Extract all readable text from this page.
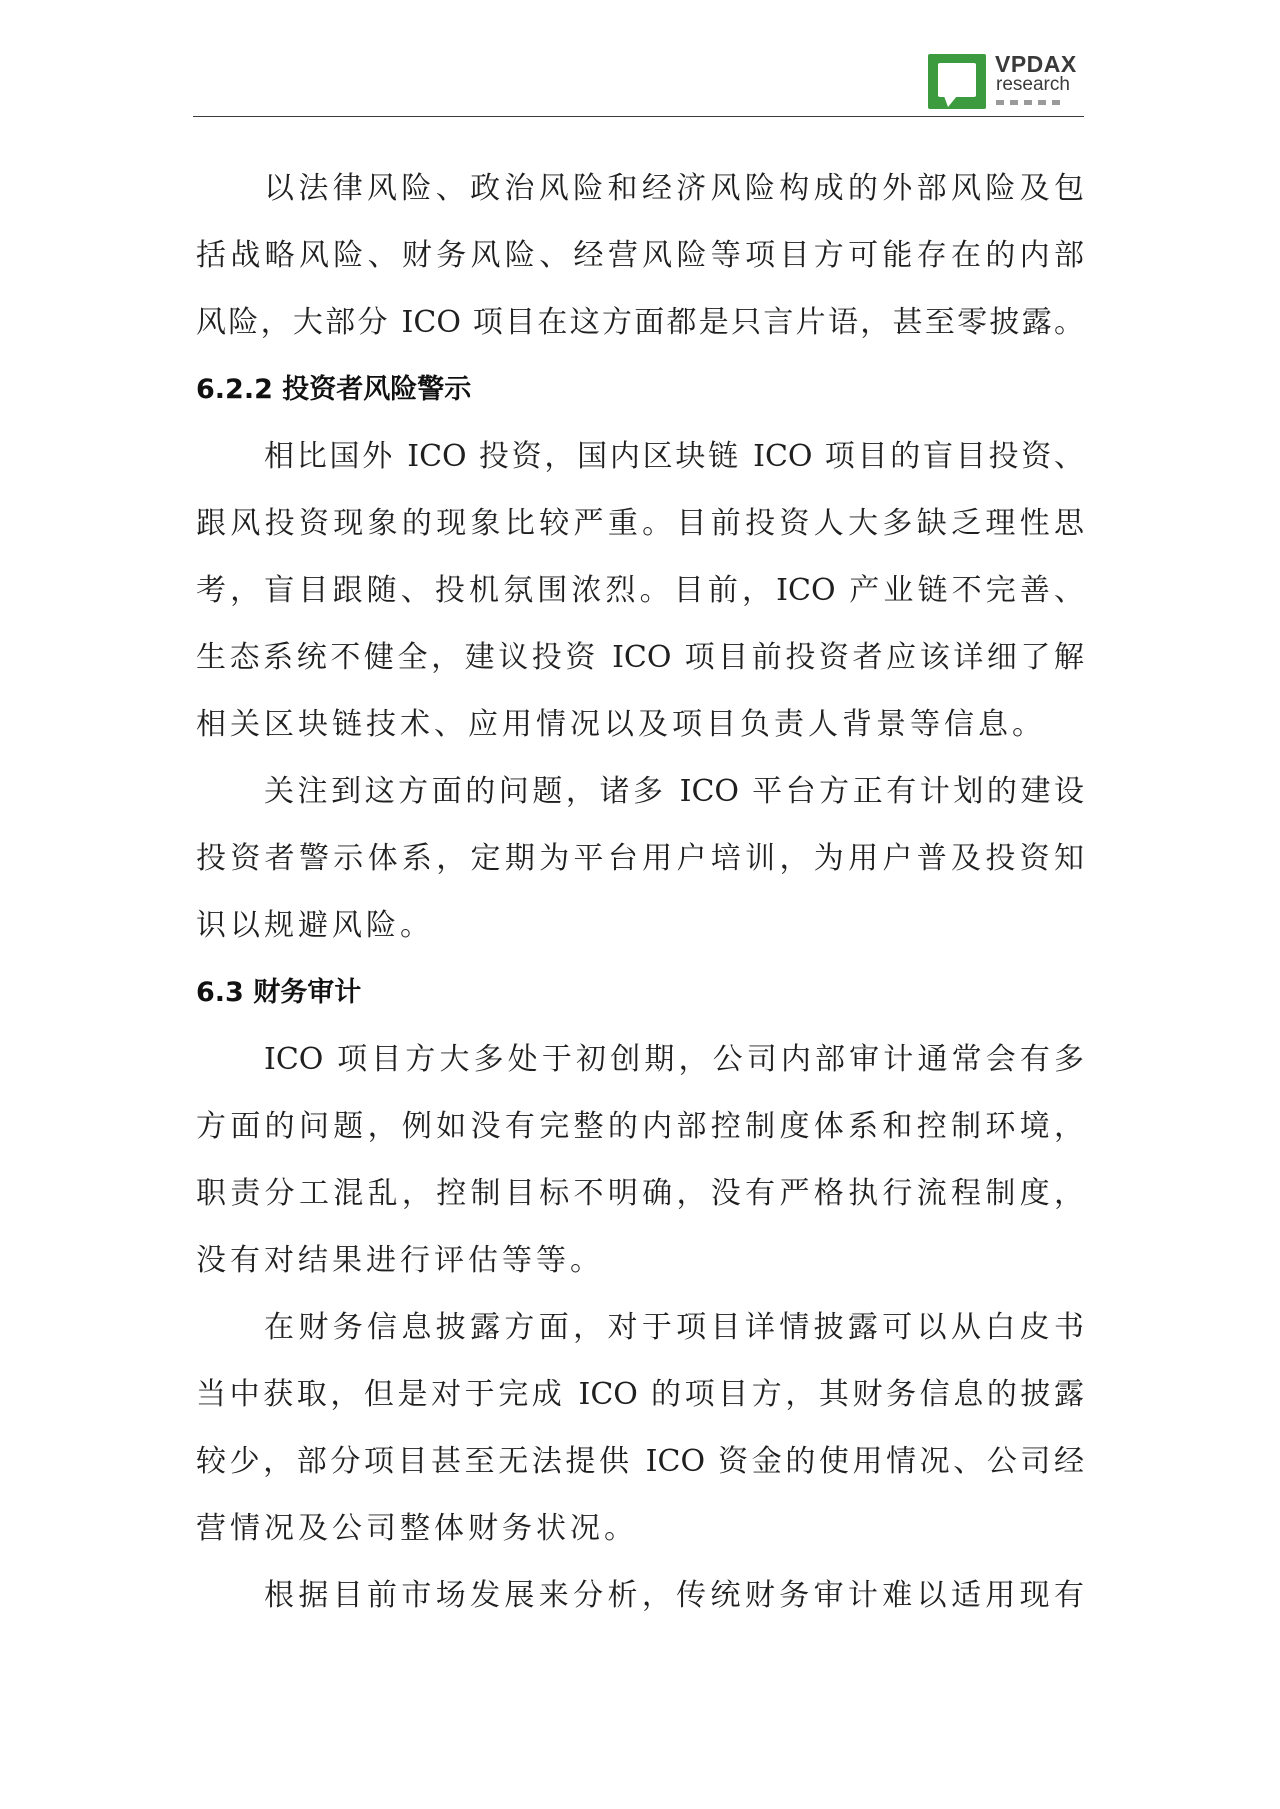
VPDAX
research
以法律风险、政治风险和经济风险构成的外部风险及包
括战略风险、财务风险、经营风险等项目方可能存在的内部
风险，大部分 ICO 项目在这方面都是只言片语，甚至零披露。
6.2.2 投资者风险警示
相比国外 ICO 投资，国内区块链 ICO 项目的盲目投资、
跟风投资现象的现象比较严重。目前投资人大多缺乏理性思
考，盲目跟随、投机氛围浓烈。目前，ICO 产业链不完善、
生态系统不健全，建议投资 ICO 项目前投资者应该详细了解
相关区块链技术、应用情况以及项目负责人背景等信息。
关注到这方面的问题，诸多 ICO 平台方正有计划的建设
投资者警示体系，定期为平台用户培训，为用户普及投资知
识以规避风险。
6.3 财务审计
ICO 项目方大多处于初创期，公司内部审计通常会有多
方面的问题，例如没有完整的内部控制度体系和控制环境，
职责分工混乱，控制目标不明确，没有严格执行流程制度，
没有对结果进行评估等等。
在财务信息披露方面，对于项目详情披露可以从白皮书
当中获取，但是对于完成 ICO 的项目方，其财务信息的披露
较少，部分项目甚至无法提供 ICO 资金的使用情况、公司经
营情况及公司整体财务状况。
根据目前市场发展来分析，传统财务审计难以适用现有
